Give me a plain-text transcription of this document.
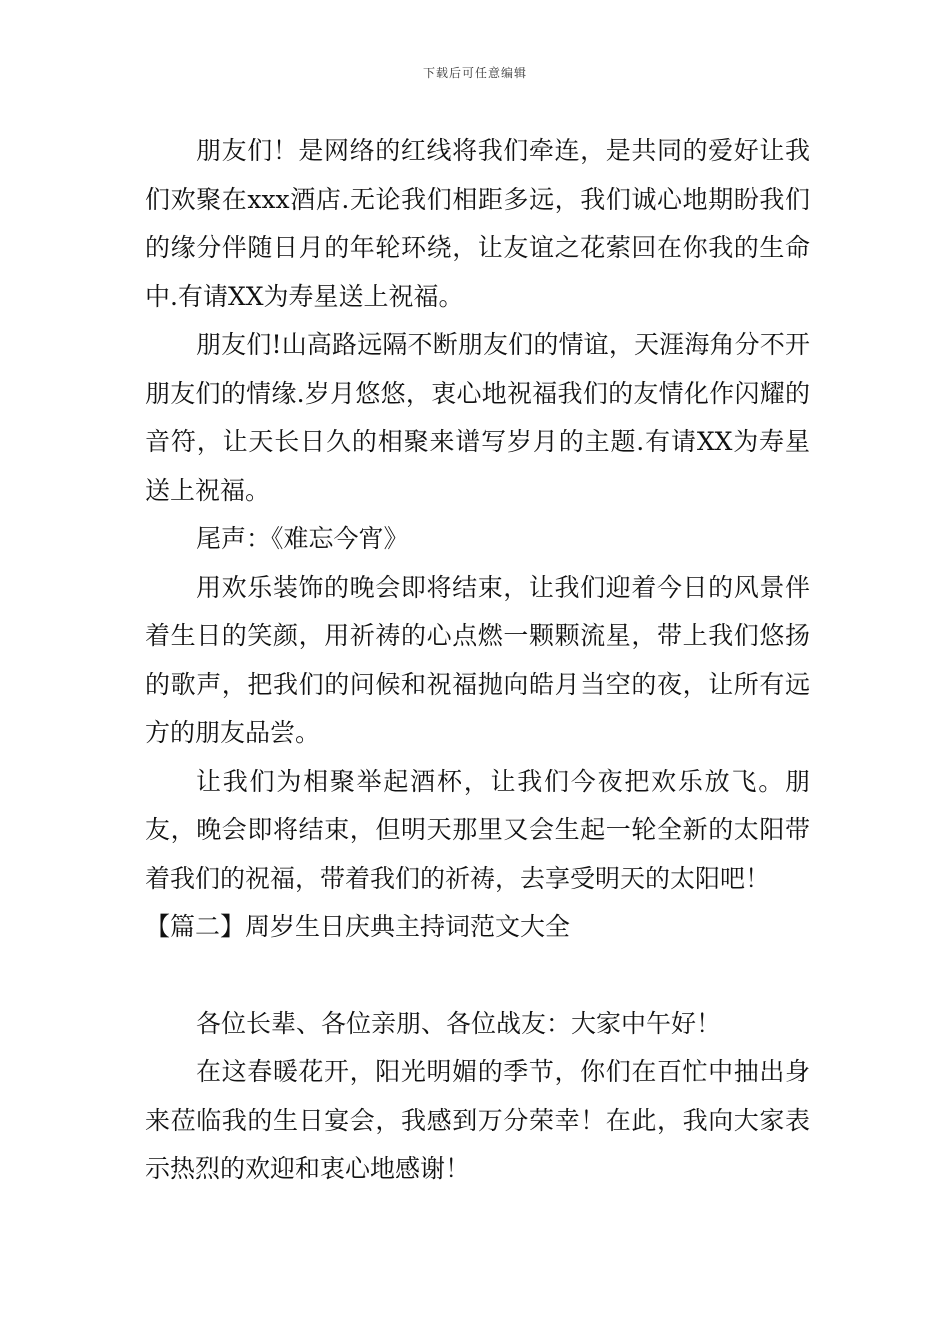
下载后可任意编辑

朋友们！是网络的红线将我们牵连，是共同的爱好让我们欢聚在xxx酒店.无论我们相距多远，我们诚心地期盼我们的缘分伴随日月的年轮环绕，让友谊之花萦回在你我的生命中.有请XX为寿星送上祝福。

朋友们!山高路远隔不断朋友们的情谊，天涯海角分不开朋友们的情缘.岁月悠悠，衷心地祝福我们的友情化作闪耀的音符，让天长日久的相聚来谱写岁月的主题.有请XX为寿星送上祝福。

尾声：《难忘今宵》

用欢乐装饰的晚会即将结束，让我们迎着今日的风景伴着生日的笑颜，用祈祷的心点燃一颗颗流星，带上我们悠扬的歌声，把我们的问候和祝福抛向皓月当空的夜，让所有远方的朋友品尝。

让我们为相聚举起酒杯，让我们今夜把欢乐放飞。朋友，晚会即将结束，但明天那里又会生起一轮全新的太阳带着我们的祝福，带着我们的祈祷，去享受明天的太阳吧！

【篇二】周岁生日庆典主持词范文大全

各位长辈、各位亲朋、各位战友：大家中午好！

在这春暖花开，阳光明媚的季节，你们在百忙中抽出身来莅临我的生日宴会，我感到万分荣幸！在此，我向大家表示热烈的欢迎和衷心地感谢！
